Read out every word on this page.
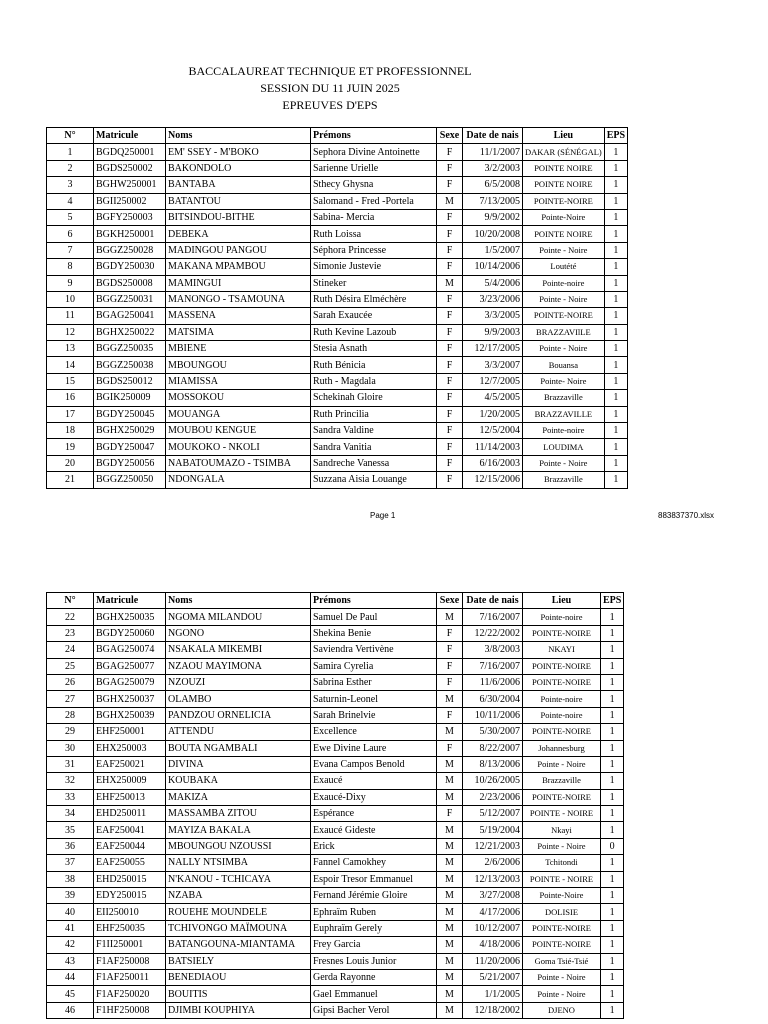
BACCALAUREAT TECHNIQUE ET PROFESSIONNEL
SESSION DU 11 JUIN 2025
EPREUVES D'EPS
N°	Matricule	Noms	Prémons	Sexe	Date de nais	Lieu	EPS
1	BGDQ250001	EM' SSEY - M'BOKO	Sephora Divine Antoinette	F	11/1/2007	DAKAR (SÉNÉGAL)	1
2	BGDS250002	BAKONDOLO	Sarienne Urielle	F	3/2/2003	POINTE NOIRE	1
3	BGHW250001	BANTABA	Sthecy Ghysna	F	6/5/2008	POINTE NOIRE	1
4	BGII250002	BATANTOU	Salomand - Fred -Portela	M	7/13/2005	POINTE-NOIRE	1
5	BGFY250003	BITSINDOU-BITHE	Sabina- Mercia	F	9/9/2002	Pointe-Noire	1
6	BGKH250001	DEBEKA	Ruth Loissa	F	10/20/2008	POINTE NOIRE	1
7	BGGZ250028	MADINGOU PANGOU	Séphora Princesse	F	1/5/2007	Pointe - Noire	1
8	BGDY250030	MAKANA MPAMBOU	Simonie Justevie	F	10/14/2006	Loutété	1
9	BGDS250008	MAMINGUI	Stineker	M	5/4/2006	Pointe-noire	1
10	BGGZ250031	MANONGO - TSAMOUNA	Ruth Désira Elméchère	F	3/23/2006	Pointe - Noire	1
11	BGAG250041	MASSENA	Sarah Exaucée	F	3/3/2005	POINTE-NOIRE	1
12	BGHX250022	MATSIMA	Ruth Kevine Lazoub	F	9/9/2003	BRAZZAVIlLE	1
13	BGGZ250035	MBIENE	Stesia Asnath	F	12/17/2005	Pointe - Noire	1
14	BGGZ250038	MBOUNGOU	Ruth Bénicia	F	3/3/2007	Bouansa	1
15	BGDS250012	MIAMISSA	Ruth - Magdala	F	12/7/2005	Pointe- Noire	1
16	BGIK250009	MOSSOKOU	Schekinah Gloire	F	4/5/2005	Brazzaville	1
17	BGDY250045	MOUANGA	Ruth Princilia	F	1/20/2005	BRAZZAVILLE	1
18	BGHX250029	MOUBOU KENGUE	Sandra Valdine	F	12/5/2004	Pointe-noire	1
19	BGDY250047	MOUKOKO - NKOLI	Sandra Vanitia	F	11/14/2003	LOUDIMA	1
20	BGDY250056	NABATOUMAZO - TSIMBA	Sandreche Vanessa	F	6/16/2003	Pointe - Noire	1
21	BGGZ250050	NDONGALA	Suzzana Aisia Louange	F	12/15/2006	Brazzaville	1
Page 1	883837370.xlsx
N°	Matricule	Noms	Prémons	Sexe	Date de nais	Lieu	EPS
22	BGHX250035	NGOMA MILANDOU	Samuel De Paul	M	7/16/2007	Pointe-noire	1
23	BGDY250060	NGONO	Shekina Benie	F	12/22/2002	POINTE-NOIRE	1
24	BGAG250074	NSAKALA MIKEMBI	Saviendra Vertivène	F	3/8/2003	NKAYI	1
25	BGAG250077	NZAOU MAYIMONA	Samira Cyrelia	F	7/16/2007	POINTE-NOIRE	1
26	BGAG250079	NZOUZI	Sabrina Esther	F	11/6/2006	POINTE-NOIRE	1
27	BGHX250037	OLAMBO	Saturnin-Leonel	M	6/30/2004	Pointe-noire	1
28	BGHX250039	PANDZOU ORNELICIA	Sarah Brinelvie	F	10/11/2006	Pointe-noire	1
29	EHF250001	ATTENDU	Excellence	M	5/30/2007	POINTE-NOIRE	1
30	EHX250003	BOUTA NGAMBALI	Ewe Divine Laure	F	8/22/2007	Johannesburg	1
31	EAF250021	DIVINA	Evana Campos Benold	M	8/13/2006	Pointe - Noire	1
32	EHX250009	KOUBAKA	Exaucé	M	10/26/2005	Brazzaville	1
33	EHF250013	MAKIZA	Exaucé-Dixy	M	2/23/2006	POINTE-NOIRE	1
34	EHD250011	MASSAMBA ZITOU	Espérance	F	5/12/2007	POINTE - NOIRE	1
35	EAF250041	MAYIZA BAKALA	Exaucé Gideste	M	5/19/2004	Nkayi	1
36	EAF250044	MBOUNGOU NZOUSSI	Erick	M	12/21/2003	Pointe - Noire	0
37	EAF250055	NALLY NTSIMBA	Fannel Camokhey	M	2/6/2006	Tchitondi	1
38	EHD250015	N'KANOU - TCHICAYA	Espoir Tresor Emmanuel	M	12/13/2003	POINTE - NOIRE	1
39	EDY250015	NZABA	Fernand Jérémie Gloire	M	3/27/2008	Pointe-Noire	1
40	EII250010	ROUEHE MOUNDELE	Ephraïm Ruben	M	4/17/2006	DOLISIE	1
41	EHF250035	TCHIVONGO MAÏMOUNA	Euphraïm Gerely	M	10/12/2007	POINTE-NOIRE	1
42	F1II250001	BATANGOUNA-MIANTAMA	Frey Garcia	M	4/18/2006	POINTE-NOIRE	1
43	F1AF250008	BATSIELY	Fresnes Louis Junior	M	11/20/2006	Goma Tsié-Tsié	1
44	F1AF250011	BENEDIAOU	Gerda Rayonne	M	5/21/2007	Pointe - Noire	1
45	F1AF250020	BOUITIS	Gael Emmanuel	M	1/1/2005	Pointe - Noire	1
46	F1HF250008	DJIMBI KOUPHIYA	Gipsi Bacher Verol	M	12/18/2002	DJENO	1
